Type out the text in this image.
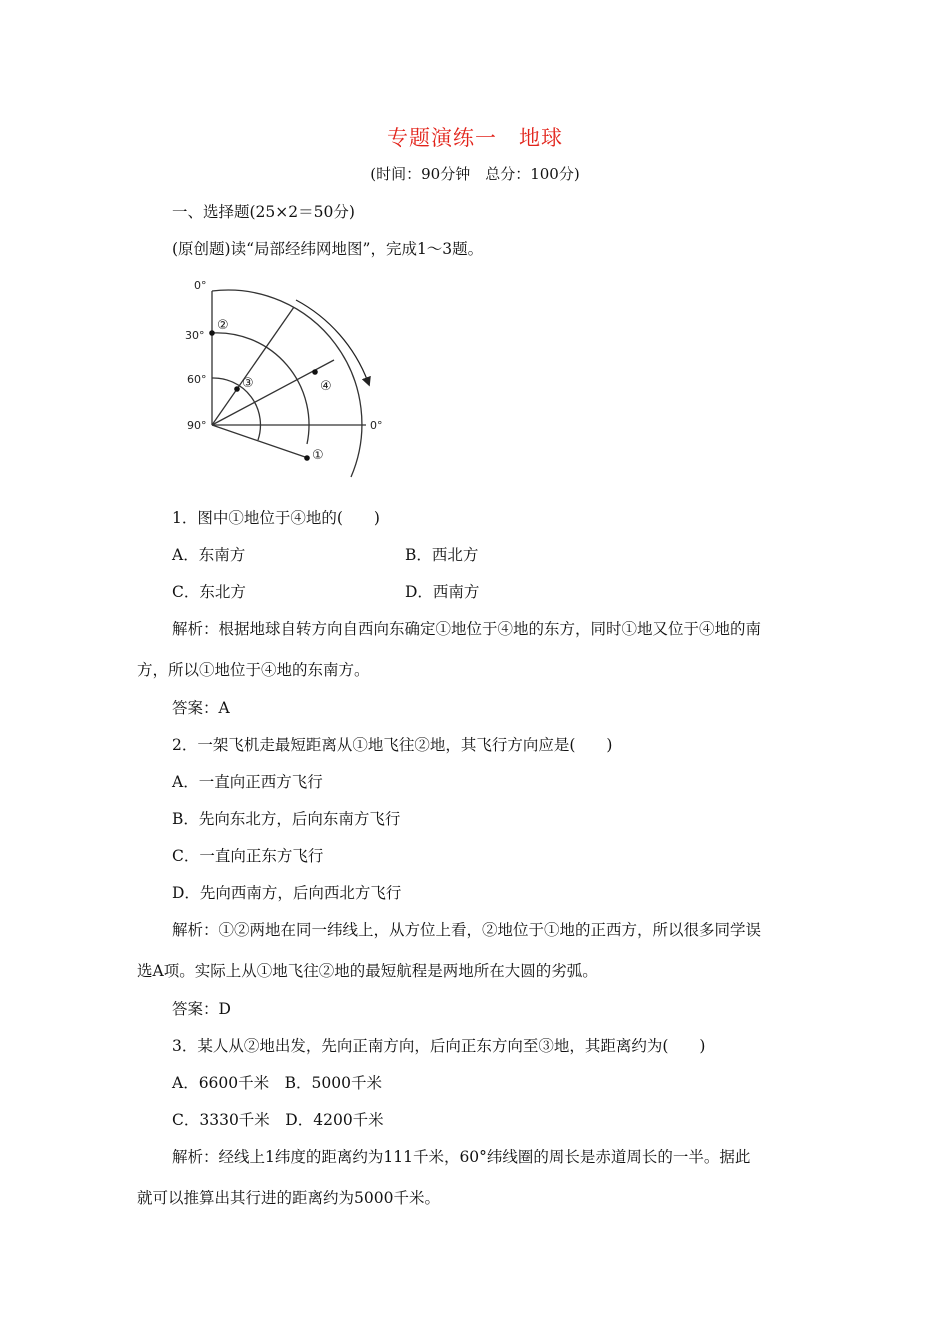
专题演练一　地球
(时间：90分钟　总分：100分)
一、选择题(25×2＝50分)
(原创题)读“局部经纬网地图”，完成1～3题。
0°
30°
60°
90°	0°
②
③	④
①
1．图中①地位于④地的(　　)
A．东南方	B．西北方
C．东北方	D．西南方
解析：根据地球自转方向自西向东确定①地位于④地的东方，同时①地又位于④地的南
方，所以①地位于④地的东南方。
答案：A
2．一架飞机走最短距离从①地飞往②地，其飞行方向应是(　　)
A．一直向正西方飞行
B．先向东北方，后向东南方飞行
C．一直向正东方飞行
D．先向西南方，后向西北方飞行
解析：①②两地在同一纬线上，从方位上看，②地位于①地的正西方，所以很多同学误
选A项。实际上从①地飞往②地的最短航程是两地所在大圆的劣弧。
答案：D
3．某人从②地出发，先向正南方向，后向正东方向至③地，其距离约为(　　)
A．6600千米　B．5000千米
C．3330千米　D．4200千米
解析：经线上1纬度的距离约为111千米，60°纬线圈的周长是赤道周长的一半。据此
就可以推算出其行进的距离约为5000千米。
